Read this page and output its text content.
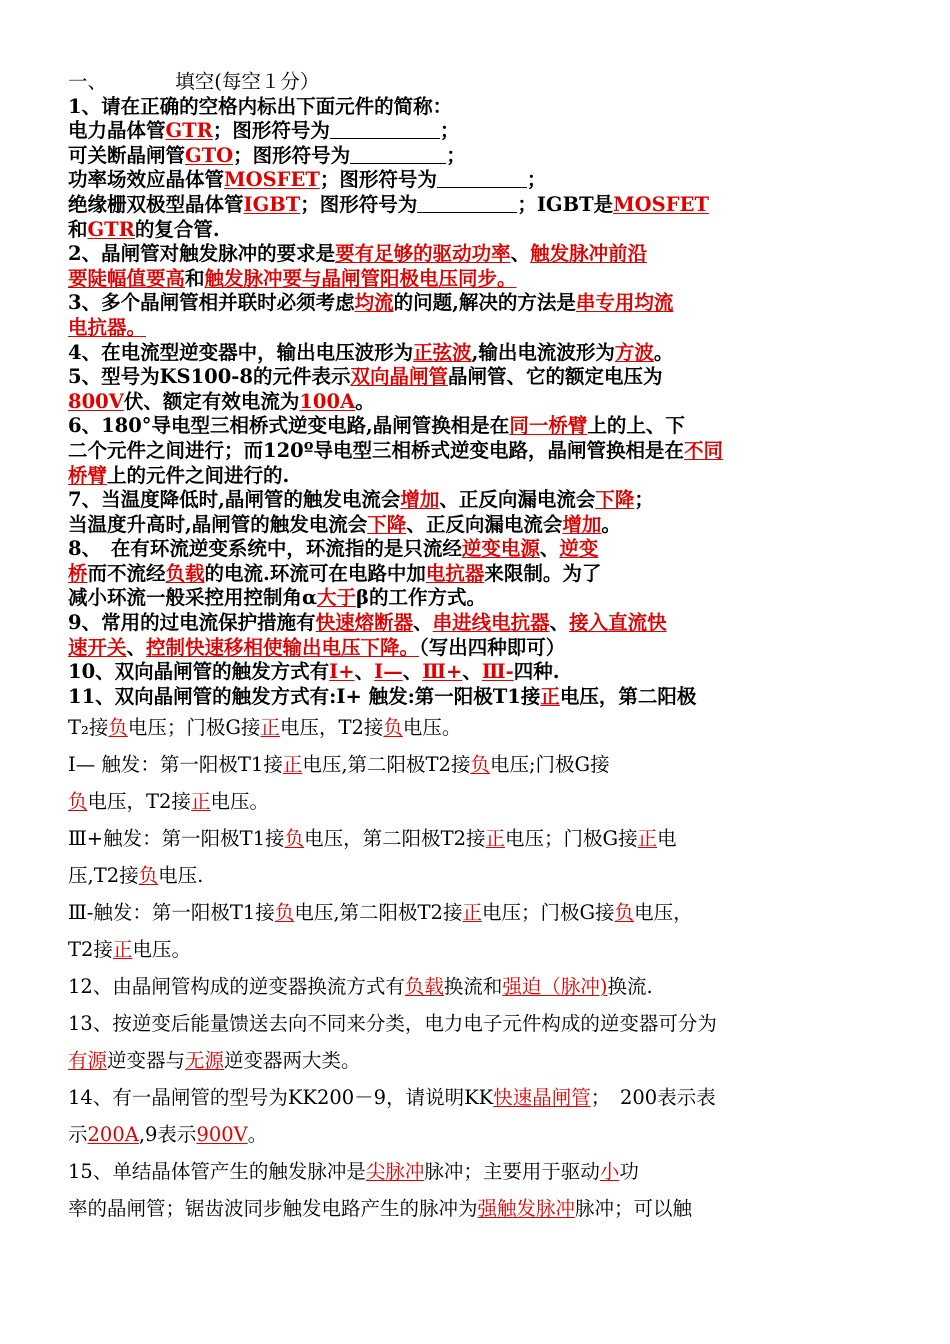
一、　　　　填空(每空１分）
1、请在正确的空格内标出下面元件的简称：
电力晶体管GTR；图形符号为	；
可关断晶闸管GTO；图形符号为	；
功率场效应晶体管MOSFET；图形符号为	；
绝缘栅双极型晶体管IGBT；图形符号为	；IGBT是MOSFET
和GTR的复合管.
2、晶闸管对触发脉冲的要求是要有足够的驱动功率、触发脉冲前沿
要陡幅值要高和触发脉冲要与晶闸管阳极电压同步。
3、多个晶闸管相并联时必须考虑均流的问题,解决的方法是串专用均流
电抗器。
4、在电流型逆变器中，输出电压波形为正弦波,输出电流波形为方波。
5、型号为KS100-8的元件表示双向晶闸管晶闸管、它的额定电压为
800V伏、额定有效电流为100A。
6、180°导电型三相桥式逆变电路,晶闸管换相是在同一桥臂上的上、下
二个元件之间进行；而120º导电型三相桥式逆变电路，晶闸管换相是在不同
桥臂上的元件之间进行的.
7、当温度降低时,晶闸管的触发电流会增加、正反向漏电流会下降；
当温度升高时,晶闸管的触发电流会下降、正反向漏电流会增加。
8、　在有环流逆变系统中，环流指的是只流经逆变电源、逆变
桥而不流经负载的电流.环流可在电路中加电抗器来限制。为了
减小环流一般采控用控制角α大于β的工作方式。
9、常用的过电流保护措施有快速熔断器、串进线电抗器、接入直流快
速开关、控制快速移相使输出电压下降。（写出四种即可）
10、双向晶闸管的触发方式有I+、I—、Ⅲ+、Ⅲ-四种.
11、双向晶闸管的触发方式有:I+ 触发:第一阳极T1接正电压，第二阳极
T₂接负电压；门极G接正电压，T2接负电压。
I— 触发：第一阳极T1接正电压,第二阳极T2接负电压;门极G接
负电压，T2接正电压。
Ⅲ+触发：第一阳极T1接负电压，第二阳极T2接正电压；门极G接正电
压,T2接负电压.
Ⅲ-触发：第一阳极T1接负电压,第二阳极T2接正电压；门极G接负电压，
T2接正电压。
12、由晶闸管构成的逆变器换流方式有负载换流和强迫（脉冲)换流.
13、按逆变后能量馈送去向不同来分类，电力电子元件构成的逆变器可分为
有源逆变器与无源逆变器两大类。
14、有一晶闸管的型号为KK200－9，请说明KK快速晶闸管；　200表示表
示200A,9表示900V。
15、单结晶体管产生的触发脉冲是尖脉冲脉冲；主要用于驱动小功
率的晶闸管；锯齿波同步触发电路产生的脉冲为强触发脉冲脉冲；可以触
